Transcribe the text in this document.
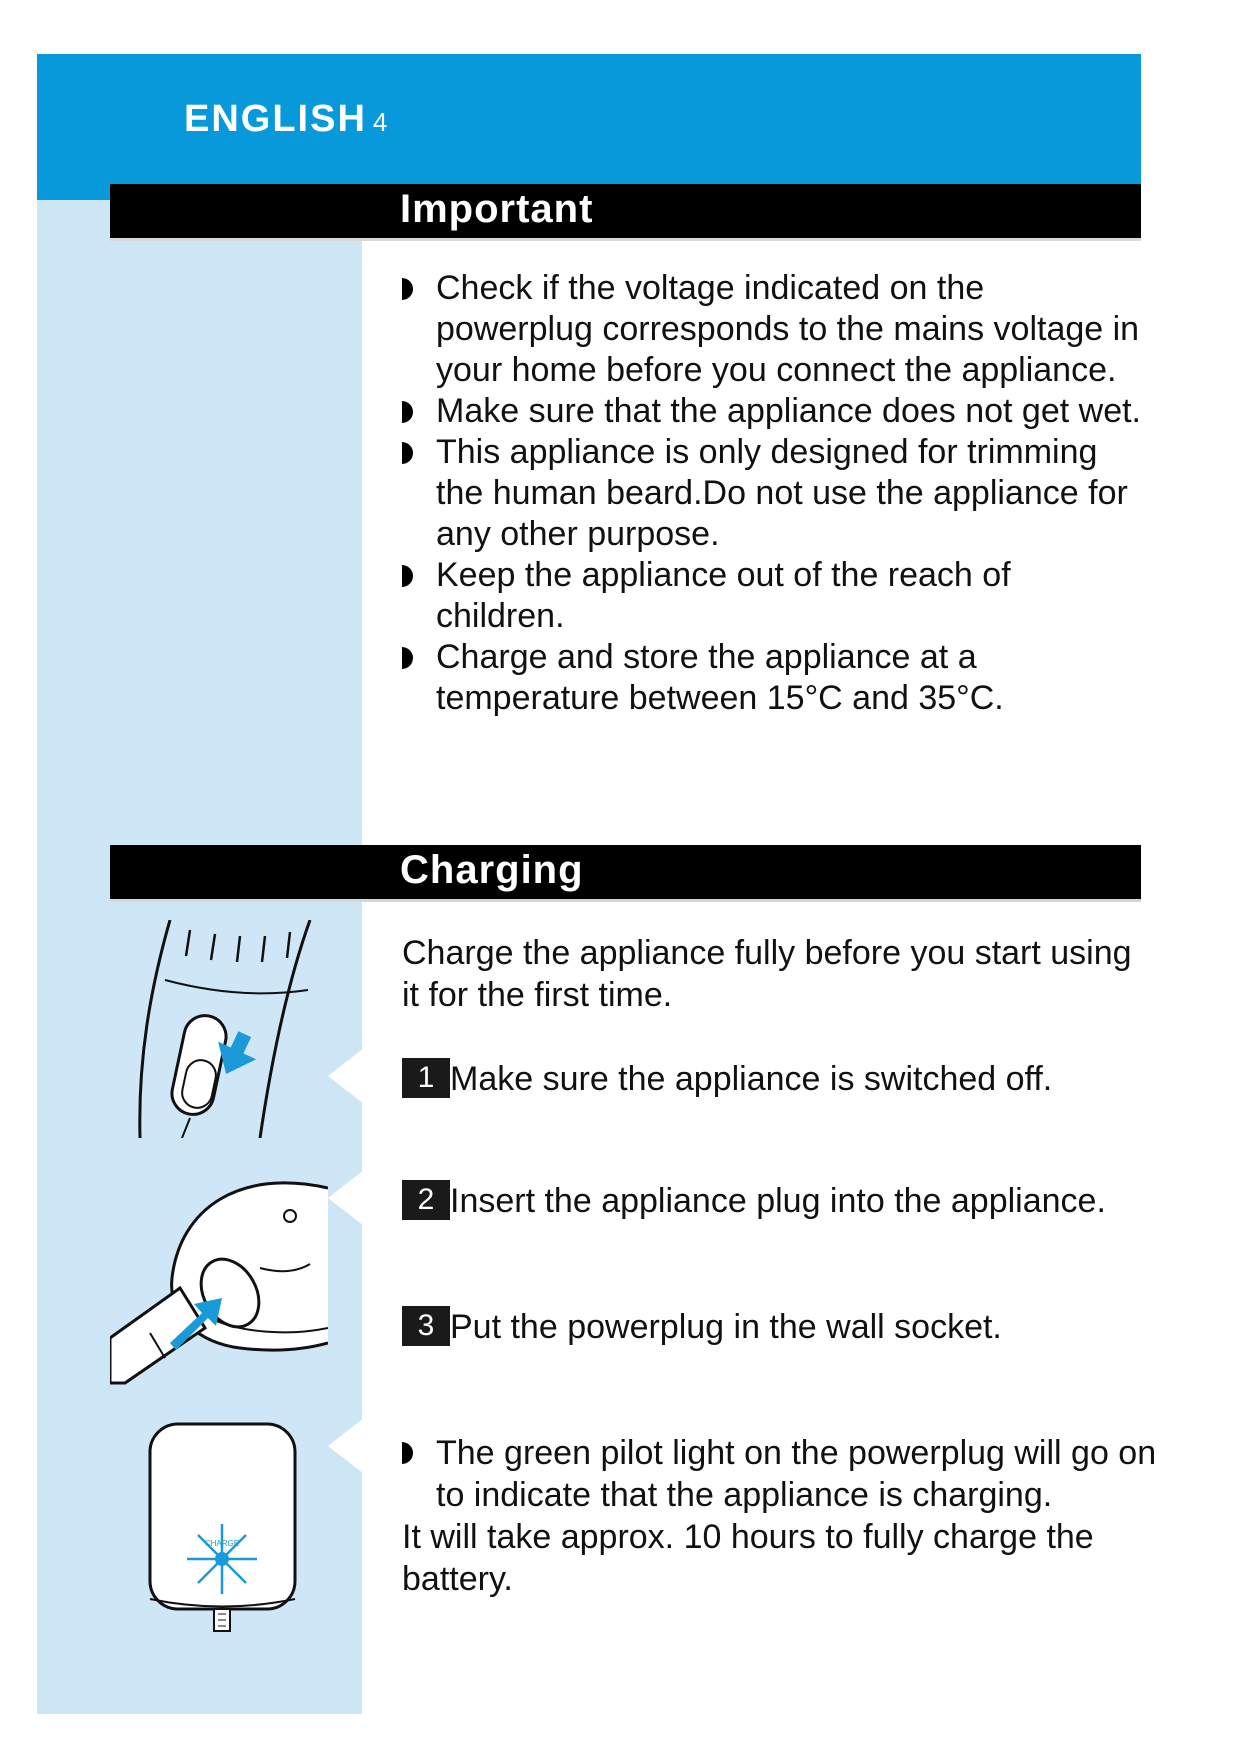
ENGLISH 4
Important
Check if the voltage indicated on the powerplug corresponds to the mains voltage in your home before you connect the appliance.
Make sure that the appliance does not get wet.
This appliance is only designed for trimming the human beard.Do not use the appliance for any other purpose.
Keep the appliance out of the reach of children.
Charge and store the appliance at a temperature between 15°C and 35°C.
Charging

Charge the appliance fully before you start using it for the first time.

1 Make sure the appliance is switched off.
2 Insert the appliance plug into the appliance.
3 Put the powerplug in the wall socket.
The green pilot light on the powerplug will go on to indicate that the appliance is charging.
It will take approx. 10 hours to fully charge the battery.
CHARGE
